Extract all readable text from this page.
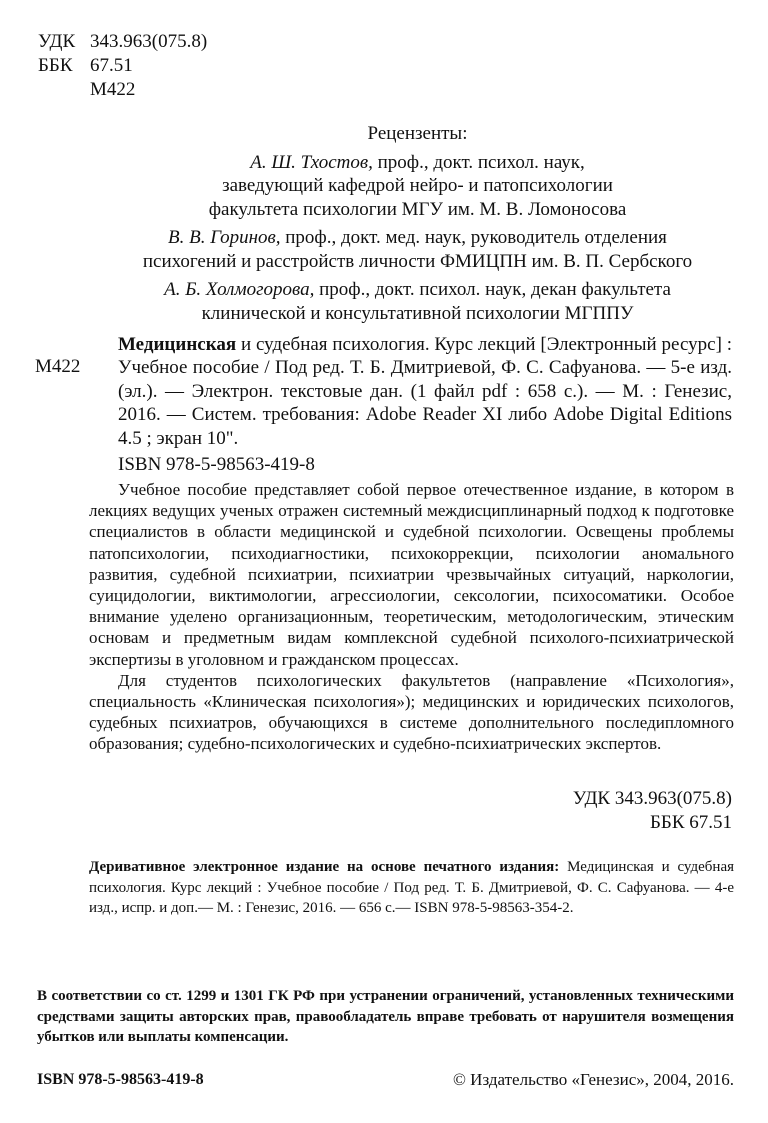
УДК 343.963(075.8)
ББК 67.51
М422
Рецензенты:
А. Ш. Тхостов, проф., докт. психол. наук,
заведующий кафедрой нейро- и патопсихологии
факультета психологии МГУ им. М. В. Ломоносова
В. В. Горинов, проф., докт. мед. наук, руководитель отделения
психогений и расстройств личности ФМИЦПН им. В. П. Сербского
А. Б. Холмогорова, проф., докт. психол. наук, декан факультета
клинической и консультативной психологии МГППУ
М422

Медицинская и судебная психология. Курс лекций [Электронный ресурс] : Учебное пособие / Под ред. Т. Б. Дмитриевой, Ф. С. Сафуанова. — 5-е изд. (эл.). — Электрон. текстовые дан. (1 файл pdf : 658 с.). — М. : Генезис, 2016. — Систем. требования: Adobe Reader XI либо Adobe Digital Editions 4.5 ; экран 10".

ISBN 978-5-98563-419-8

Учебное пособие представляет собой первое отечественное издание, в котором в лекциях ведущих ученых отражен системный междисциплинарный подход к подготовке специалистов в области медицинской и судебной психологии. Освещены проблемы патопсихологии, психодиагностики, психокоррекции, психологии аномального развития, судебной психиатрии, психиатрии чрезвычайных ситуаций, наркологии, суицидологии, виктимологии, агрессиологии, сексологии, психосоматики. Особое внимание уделено организационным, теоретическим, методологическим, этическим основам и предметным видам комплексной судебной психолого-психиатрической экспертизы в уголовном и гражданском процессах.

Для студентов психологических факультетов (направление «Психология», специальность «Клиническая психология»); медицинских и юридических психологов, судебных психиатров, обучающихся в системе дополнительного последипломного образования; судебно-психологических и судебно-психиатрических экспертов.

УДК 343.963(075.8)
ББК 67.51
Деривативное электронное издание на основе печатного издания: Медицинская и судебная психология. Курс лекций : Учебное пособие / Под ред. Т. Б. Дмитриевой, Ф. С. Сафуанова. — 4-е изд., испр. и доп.— М. : Генезис, 2016. — 656 с.— ISBN 978-5-98563-354-2.
В соответствии со ст. 1299 и 1301 ГК РФ при устранении ограничений, установленных техническими средствами защиты авторских прав, правообладатель вправе требовать от нарушителя возмещения убытков или выплаты компенсации.
ISBN 978-5-98563-419-8	© Издательство «Генезис», 2004, 2016.
